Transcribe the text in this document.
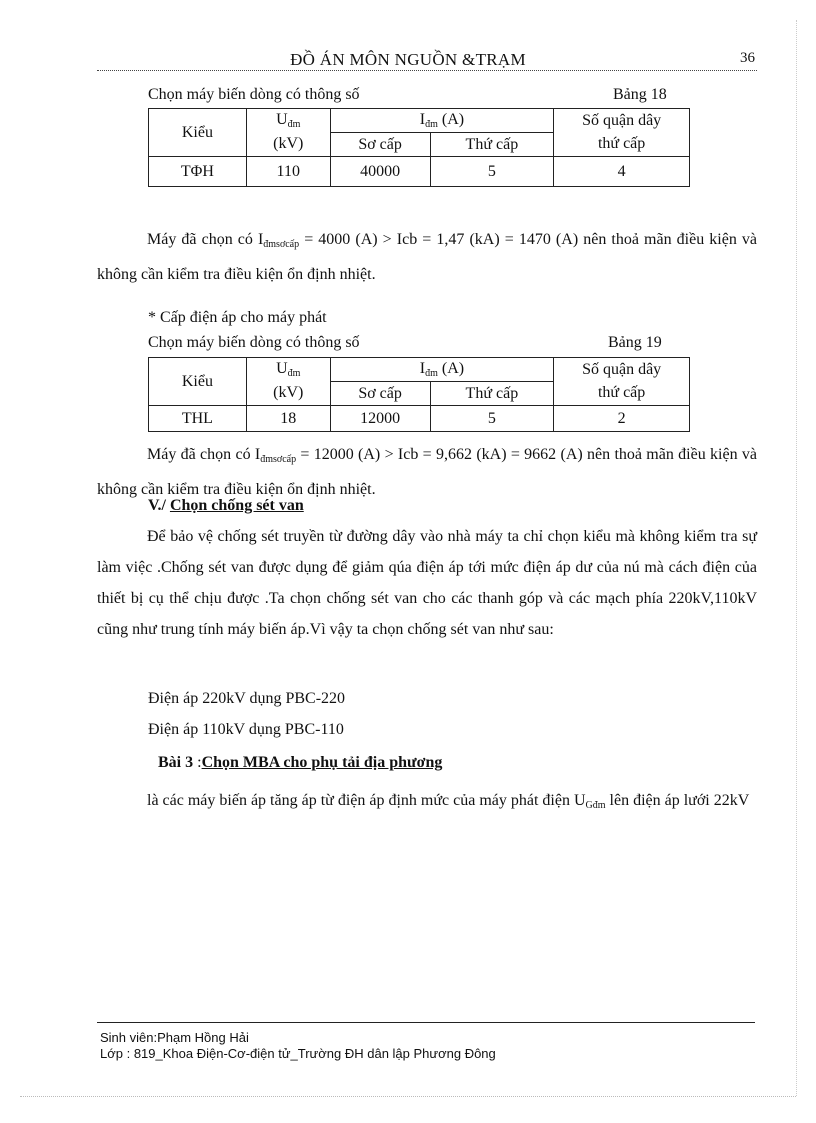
ĐỒ ÁN MÔN NGUỒN &TRẠM	36
Chọn máy biến dòng có thông số	Bảng 18
Kiểu	$U_{đm}$	$I_{đm}$ (A)		Số quận dây
	(kV)	Sơ cấp	Thứ cấp	thứ cấp
TΦH	110	40000	5	4
Máy đã chọn có $I_{đmsơcấp} = 4000$ (A) > Icb = 1,47 (kA) = 1470 (A) nên thoả mãn điều kiện và không cần kiểm tra điều kiện ổn định nhiệt.
* Cấp điện áp cho máy phát
Chọn máy biến dòng có thông số	Bảng 19
Kiểu	$U_{đm}$	$I_{đm}$ (A)		Số quận dây
	(kV)	Sơ cấp	Thứ cấp	thứ cấp
THL	18	12000	5	2
Máy đã chọn có $I_{đmsơcấp} = 12000$ (A) > Icb = 9,662 (kA) = 9662 (A) nên thoả mãn điều kiện và không cần kiểm tra điều kiện ổn định nhiệt.
V./ Chọn chống sét van
Để bảo vệ chống sét truyền từ đường dây vào nhà máy ta chỉ chọn kiểu mà không kiểm tra sự làm việc .Chống sét van được dụng để giảm qúa điện áp tới mức điện áp dư của nú mà cách điện của thiết bị cụ thể chịu được .Ta chọn chống sét van cho các thanh góp và các mạch phía 220kV,110kV cũng như trung tính máy biến áp.Vì vậy ta chọn chống sét van như sau:
Điện áp 220kV dụng PBC-220
Điện áp 110kV dụng PBC-110
Bài 3 :Chọn MBA cho phụ tải địa phương
là các máy biến áp tăng áp từ điện áp định mức của máy phát điện $U_{Gđm}$ lên điện áp lưới 22kV
Sinh viên:Phạm Hồng Hải
Lớp : 819_Khoa Điện-Cơ-điện tử_Trường ĐH dân lập Phương Đông
